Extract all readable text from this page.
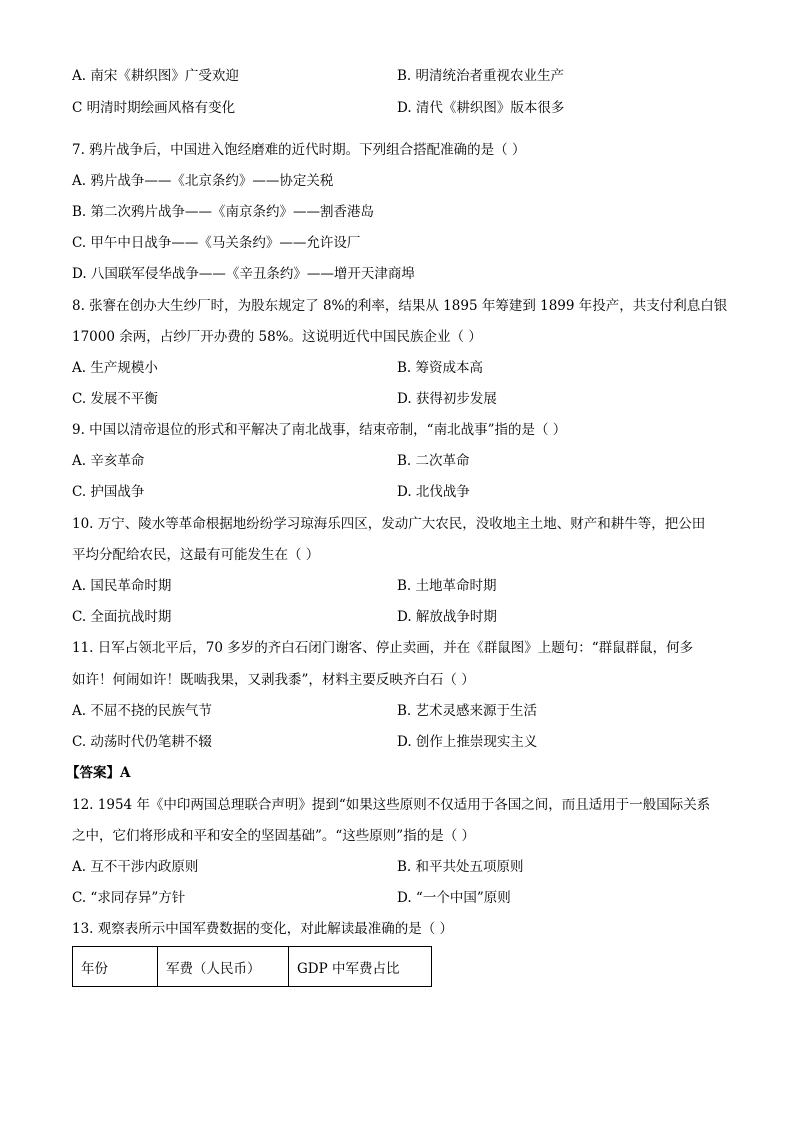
A. 南宋《耕织图》广受欢迎	B. 明清统治者重视农业生产
C 明清时期绘画风格有变化	D. 清代《耕织图》版本很多
7. 鸦片战争后，中国进入饱经磨难的近代时期。下列组合搭配准确的是（ ）
A. 鸦片战争——《北京条约》——协定关税
B. 第二次鸦片战争——《南京条约》——割香港岛
C. 甲午中日战争——《马关条约》——允许设厂
D. 八国联军侵华战争——《辛丑条约》——增开天津商埠
8. 张謇在创办大生纱厂时，为股东规定了 8%的利率，结果从 1895 年筹建到 1899 年投产，共支付利息白银
17000 余两，占纱厂开办费的 58%。这说明近代中国民族企业（ ）
A. 生产规模小	B. 筹资成本高
C. 发展不平衡	D. 获得初步发展
9. 中国以清帝退位的形式和平解决了南北战事，结束帝制，“南北战事”指的是（ ）
A. 辛亥革命	B. 二次革命
C. 护国战争	D. 北伐战争
10. 万宁、陵水等革命根据地纷纷学习琼海乐四区，发动广大农民，没收地主土地、财产和耕牛等，把公田
平均分配给农民，这最有可能发生在（ ）
A. 国民革命时期	B. 土地革命时期
C. 全面抗战时期	D. 解放战争时期
11. 日军占领北平后，70 多岁的齐白石闭门谢客、停止卖画，并在《群鼠图》上题句：“群鼠群鼠，何多
如许！何闹如许！既啮我果，又剥我黍”，材料主要反映齐白石（ ）
A. 不屈不挠的民族气节	B. 艺术灵感来源于生活
C. 动荡时代仍笔耕不辍	D. 创作上推崇现实主义
【答案】A
12. 1954 年《中印两国总理联合声明》提到“如果这些原则不仅适用于各国之间，而且适用于一般国际关系
之中，它们将形成和平和安全的坚固基础”。“这些原则”指的是（ ）
A. 互不干涉内政原则	B. 和平共处五项原则
C. “求同存异”方针	D. “一个中国”原则
13. 观察表所示中国军费数据的变化，对此解读最准确的是（ ）
年份	军费（人民币）	GDP 中军费占比
